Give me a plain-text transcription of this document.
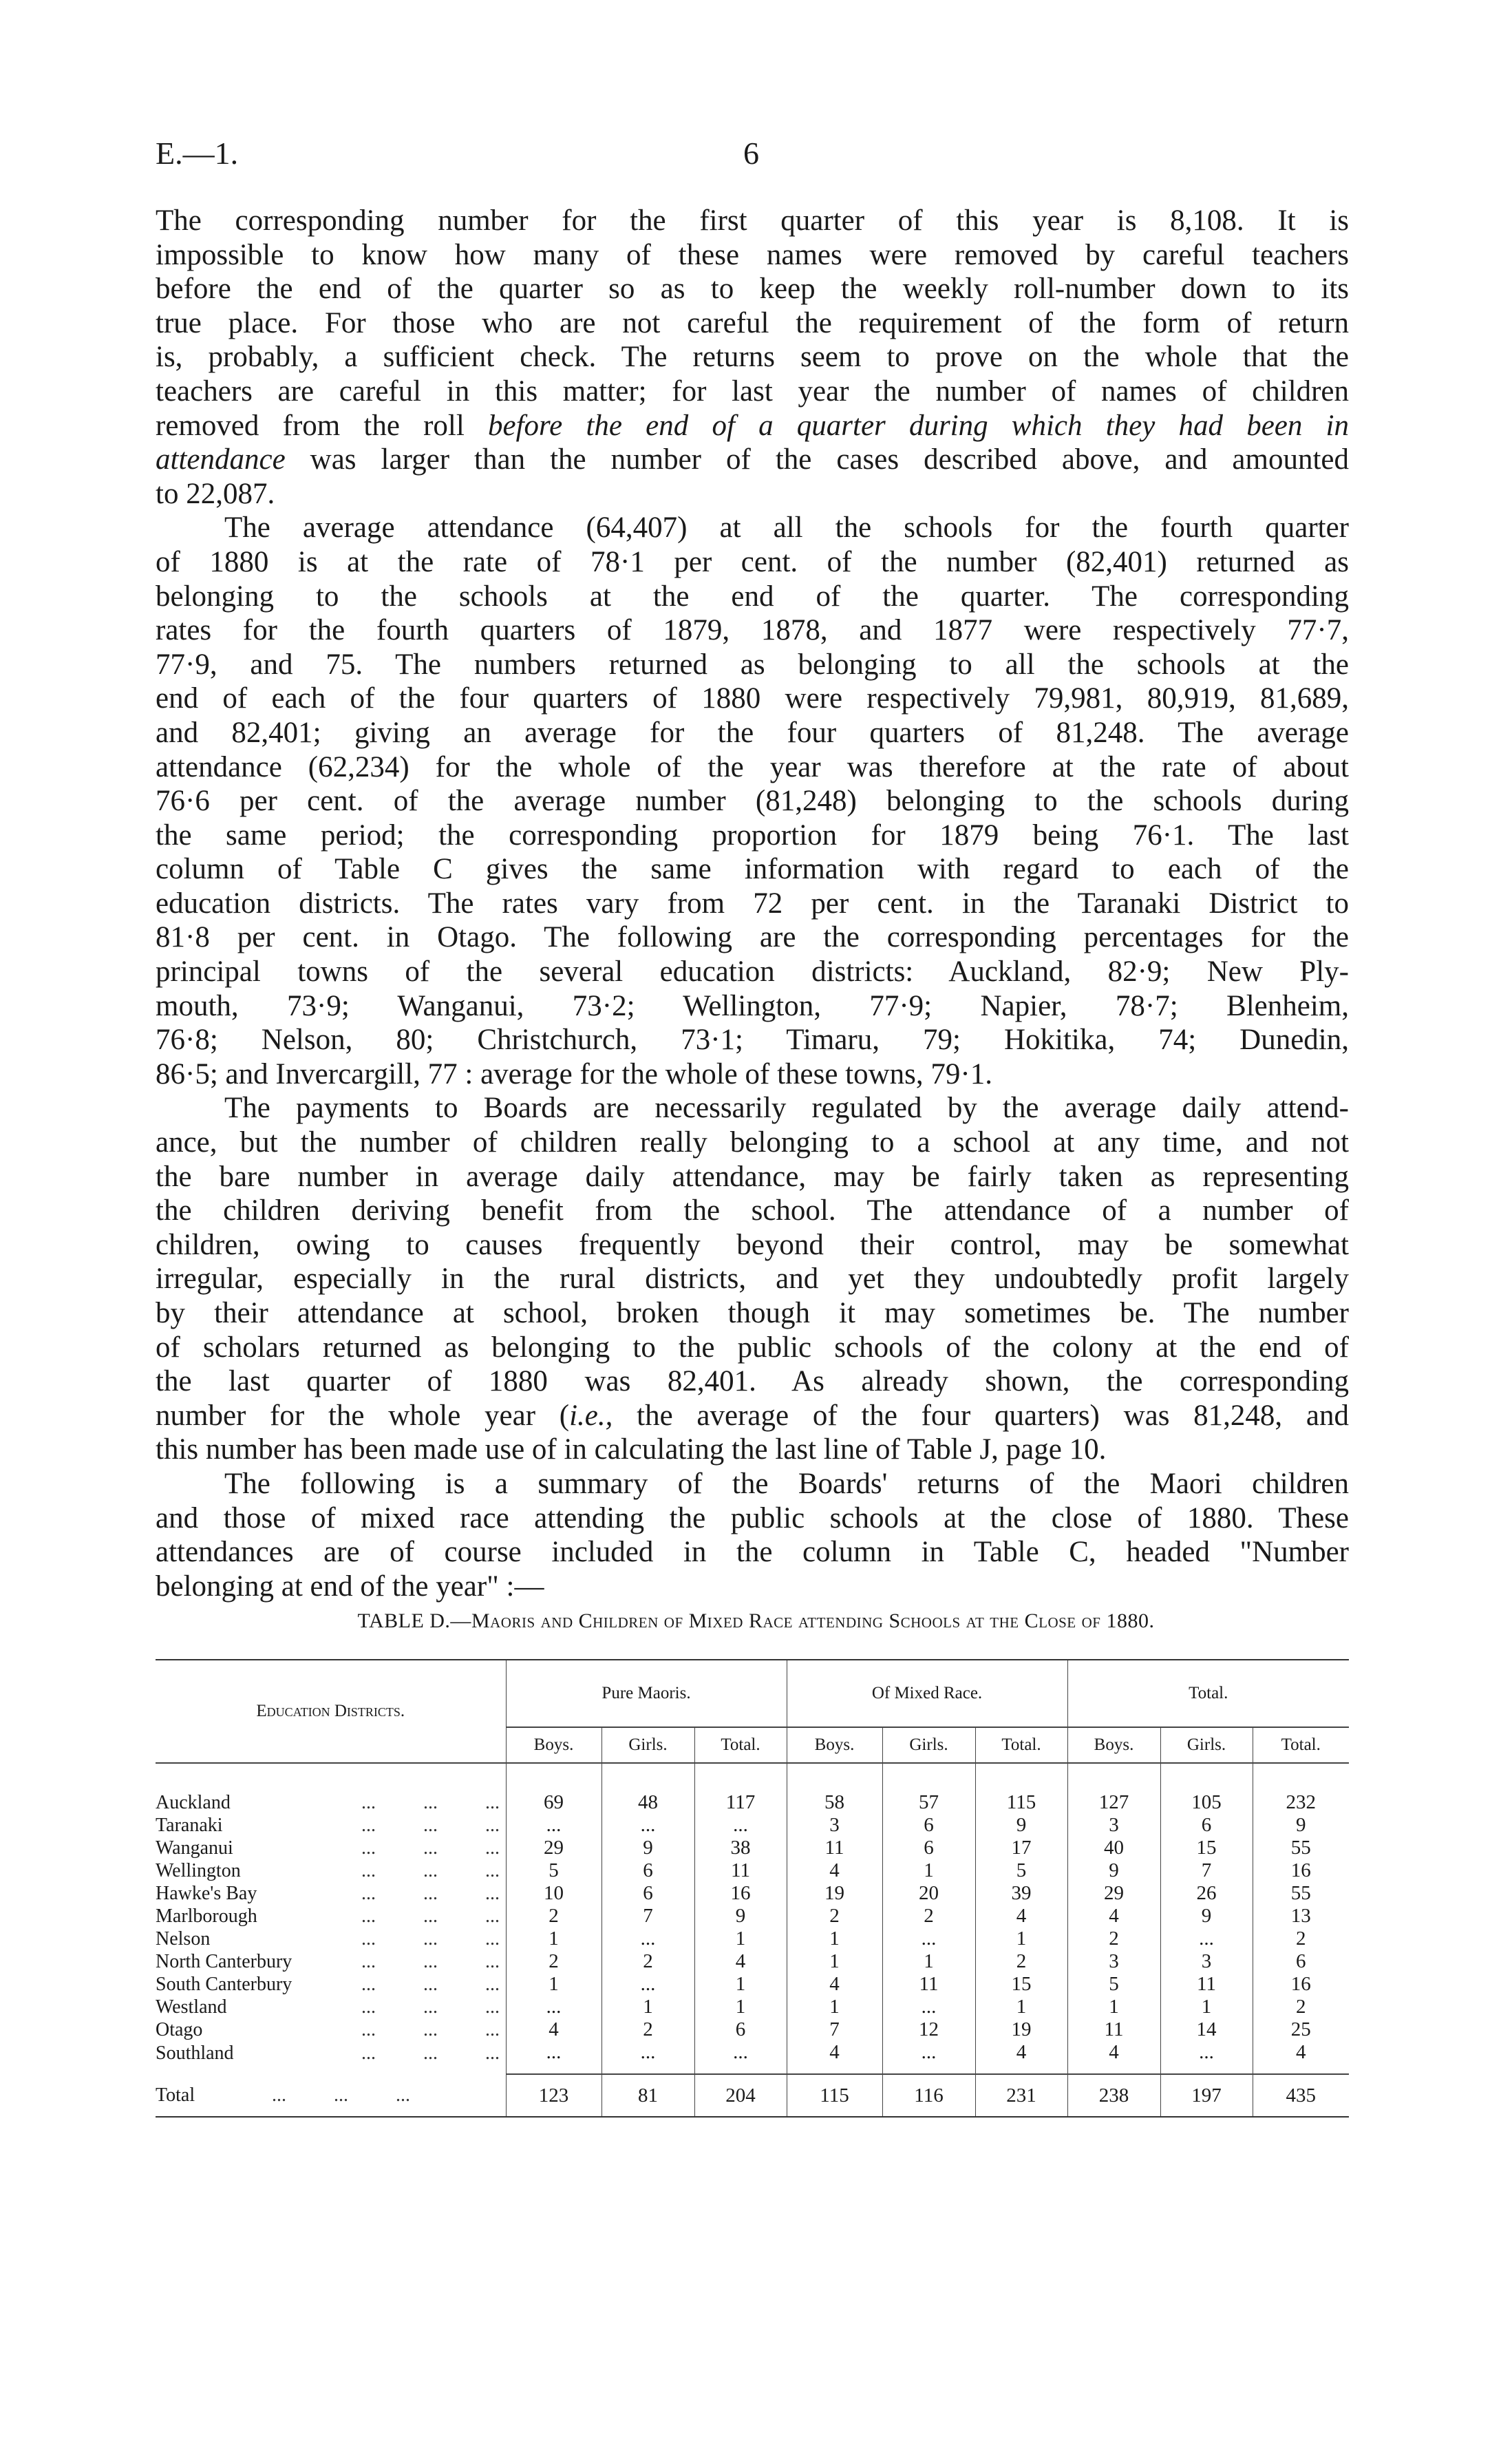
E.—1.	6
The corresponding number for the first quarter of this year is 8,108. It is
impossible to know how many of these names were removed by careful teachers
before the end of the quarter so as to keep the weekly roll-number down to its
true place. For those who are not careful the requirement of the form of return
is, probably, a sufficient check. The returns seem to prove on the whole that the
teachers are careful in this matter; for last year the number of names of children
removed from the roll before the end of a quarter during which they had been in
attendance was larger than the number of the cases described above, and amounted
to 22,087.
The average attendance (64,407) at all the schools for the fourth quarter
of 1880 is at the rate of 78·1 per cent. of the number (82,401) returned as
belonging to the schools at the end of the quarter. The corresponding
rates for the fourth quarters of 1879, 1878, and 1877 were respectively 77·7,
77·9, and 75. The numbers returned as belonging to all the schools at the
end of each of the four quarters of 1880 were respectively 79,981, 80,919, 81,689,
and 82,401; giving an average for the four quarters of 81,248. The average
attendance (62,234) for the whole of the year was therefore at the rate of about
76·6 per cent. of the average number (81,248) belonging to the schools during
the same period; the corresponding proportion for 1879 being 76·1. The last
column of Table C gives the same information with regard to each of the
education districts. The rates vary from 72 per cent. in the Taranaki District to
81·8 per cent. in Otago. The following are the corresponding percentages for the
principal towns of the several education districts: Auckland, 82·9; New Ply-
mouth, 73·9; Wanganui, 73·2; Wellington, 77·9; Napier, 78·7; Blenheim,
76·8; Nelson, 80; Christchurch, 73·1; Timaru, 79; Hokitika, 74; Dunedin,
86·5; and Invercargill, 77 : average for the whole of these towns, 79·1.
The payments to Boards are necessarily regulated by the average daily attend-
ance, but the number of children really belonging to a school at any time, and not
the bare number in average daily attendance, may be fairly taken as representing
the children deriving benefit from the school. The attendance of a number of
children, owing to causes frequently beyond their control, may be somewhat
irregular, especially in the rural districts, and yet they undoubtedly profit largely
by their attendance at school, broken though it may sometimes be. The number
of scholars returned as belonging to the public schools of the colony at the end of
the last quarter of 1880 was 82,401. As already shown, the corresponding
number for the whole year (i.e., the average of the four quarters) was 81,248, and
this number has been made use of in calculating the last line of Table J, page 10.
The following is a summary of the Boards' returns of the Maori children
and those of mixed race attending the public schools at the close of 1880. These
attendances are of course included in the column in Table C, headed "Number
belonging at end of the year" :—
TABLE D.—Maoris and Children of Mixed Race attending Schools at the Close of 1880.
Education Districts.	Pure Maoris.			Of Mixed Race.			Total.		
	Boys.	Girls.	Total.	Boys.	Girls.	Total.	Boys.	Girls.	Total.
Auckland ... ... ...	69	48	117	58	57	115	127	105	232
Taranaki ... ... ...	...	...	...	3	6	9	3	6	9
Wanganui ... ... ...	29	9	38	11	6	17	40	15	55
Wellington ... ... ...	5	6	11	4	1	5	9	7	16
Hawke's Bay ... ... ...	10	6	16	19	20	39	29	26	55
Marlborough ... ... ...	2	7	9	2	2	4	4	9	13
Nelson ... ... ...	1	...	1	1	...	1	2	...	2
North Canterbury ... ... ...	2	2	4	1	1	2	3	3	6
South Canterbury ... ... ...	1	...	1	4	11	15	5	11	16
Westland ... ... ...	...	1	1	1	...	1	1	1	2
Otago ... ... ...	4	2	6	7	12	19	11	14	25
Southland ... ... ...	...	...	...	4	...	4	4	...	4
Total ... ... ...	123	81	204	115	116	231	238	197	435
